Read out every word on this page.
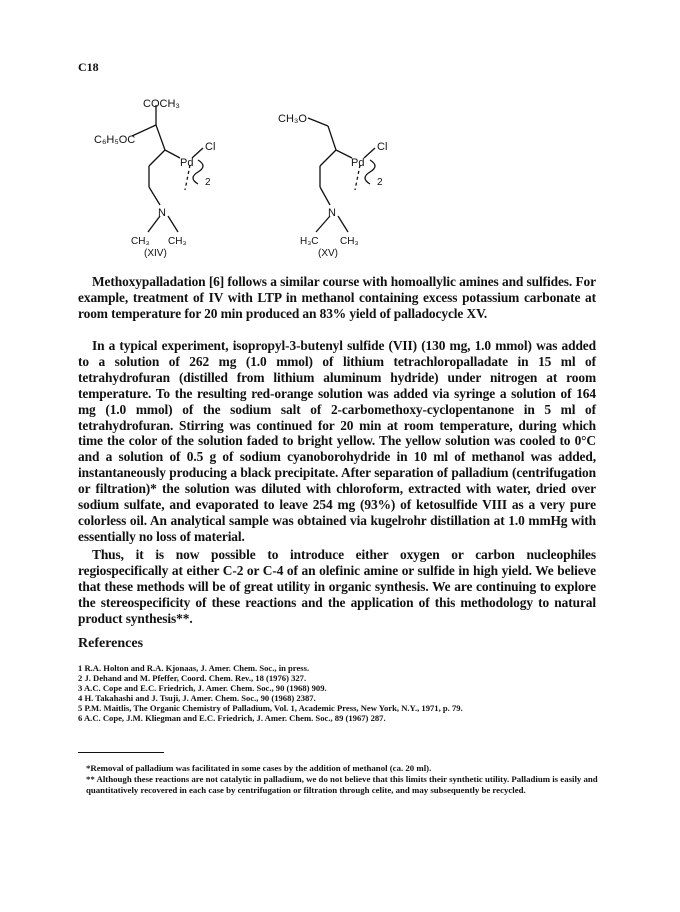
C18
COCH₃
C₆H₅OC
Pd
Cl
2
N
CH₃ CH₃
(XIV)
CH₃O
Pd
Cl
2
N
H₃C CH₃
(XV)
Methoxypalladation [6] follows a similar course with homoallylic amines and sulfides. For example, treatment of IV with LTP in methanol containing excess potassium carbonate at room temperature for 20 min produced an 83% yield of palladocycle XV.
In a typical experiment, isopropyl-3-butenyl sulfide (VII) (130 mg, 1.0 mmol) was added to a solution of 262 mg (1.0 mmol) of lithium tetrachloropalladate in 15 ml of tetrahydrofuran (distilled from lithium aluminum hydride) under nitrogen at room temperature. To the resulting red-orange solution was added via syringe a solution of 164 mg (1.0 mmol) of the sodium salt of 2-carbomethoxy-cyclopentanone in 5 ml of tetrahydrofuran. Stirring was continued for 20 min at room temperature, during which time the color of the solution faded to bright yellow. The yellow solution was cooled to 0°C and a solution of 0.5 g of sodium cyanoborohydride in 10 ml of methanol was added, instantaneously producing a black precipitate. After separation of palladium (centrifugation or filtration)* the solution was diluted with chloroform, extracted with water, dried over sodium sulfate, and evaporated to leave 254 mg (93%) of ketosulfide VIII as a very pure colorless oil. An analytical sample was obtained via kugelrohr distillation at 1.0 mmHg with essentially no loss of material.
Thus, it is now possible to introduce either oxygen or carbon nucleophiles regiospecifically at either C-2 or C-4 of an olefinic amine or sulfide in high yield. We believe that these methods will be of great utility in organic synthesis. We are continuing to explore the stereospecificity of these reactions and the application of this methodology to natural product synthesis**.
References
1 R.A. Holton and R.A. Kjonaas, J. Amer. Chem. Soc., in press.
2 J. Dehand and M. Pfeffer, Coord. Chem. Rev., 18 (1976) 327.
3 A.C. Cope and E.C. Friedrich, J. Amer. Chem. Soc., 90 (1968) 909.
4 H. Takahashi and J. Tsuji, J. Amer. Chem. Soc., 90 (1968) 2387.
5 P.M. Maitlis, The Organic Chemistry of Palladium, Vol. 1, Academic Press, New York, N.Y., 1971, p. 79.
6 A.C. Cope, J.M. Kliegman and E.C. Friedrich, J. Amer. Chem. Soc., 89 (1967) 287.
*Removal of palladium was facilitated in some cases by the addition of methanol (ca. 20 ml).
** Although these reactions are not catalytic in palladium, we do not believe that this limits their synthetic utility. Palladium is easily and quantitatively recovered in each case by centrifugation or filtration through celite, and may subsequently be recycled.
